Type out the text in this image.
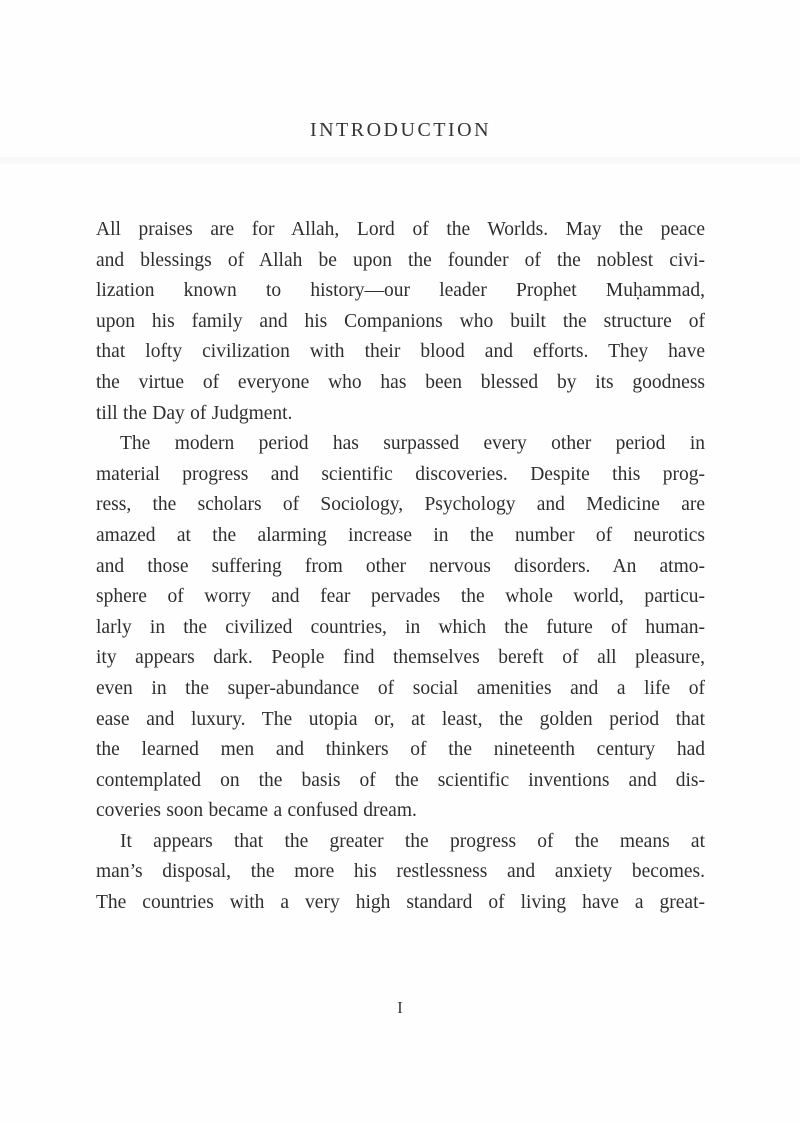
INTRODUCTION
All praises are for Allah, Lord of the Worlds. May the peace
and blessings of Allah be upon the founder of the noblest civi-
lization known to history—our leader Prophet Muḥammad,
upon his family and his Companions who built the structure of
that lofty civilization with their blood and efforts. They have
the virtue of everyone who has been blessed by its goodness
till the Day of Judgment.
The modern period has surpassed every other period in
material progress and scientific discoveries. Despite this prog-
ress, the scholars of Sociology, Psychology and Medicine are
amazed at the alarming increase in the number of neurotics
and those suffering from other nervous disorders. An atmo-
sphere of worry and fear pervades the whole world, particu-
larly in the civilized countries, in which the future of human-
ity appears dark. People find themselves bereft of all pleasure,
even in the super-abundance of social amenities and a life of
ease and luxury. The utopia or, at least, the golden period that
the learned men and thinkers of the nineteenth century had
contemplated on the basis of the scientific inventions and dis-
coveries soon became a confused dream.
It appears that the greater the progress of the means at
man’s disposal, the more his restlessness and anxiety becomes.
The countries with a very high standard of living have a great-
I
